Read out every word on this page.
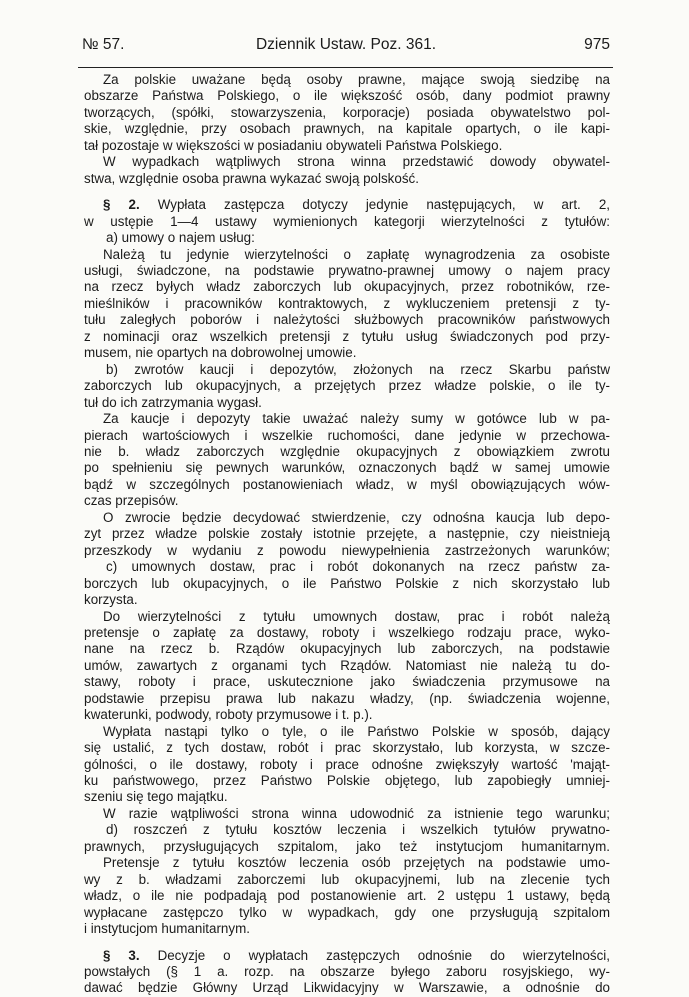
№ 57.	Dziennik Ustaw. Poz. 361.	975

Za polskie uważane będą osoby prawne, mające swoją siedzibę na

obszarze Państwa Polskiego, o ile większość osób, dany podmiot prawny

tworzących, (spółki, stowarzyszenia, korporacje) posiada obywatelstwo pol-

skie, względnie, przy osobach prawnych, na kapitale opartych, o ile kapi-

tał pozostaje w większości w posiadaniu obywateli Państwa Polskiego.

W wypadkach wątpliwych strona winna przedstawić dowody obywatel-

stwa, względnie osoba prawna wykazać swoją polskość.

§ 2. Wypłata zastępcza dotyczy jedynie następujących, w art. 2,

w ustępie 1—4 ustawy wymienionych kategorji wierzytelności z tytułów:

a) umowy o najem usług:

Należą tu jedynie wierzytelności o zapłatę wynagrodzenia za osobiste

usługi, świadczone, na podstawie prywatno-prawnej umowy o najem pracy

na rzecz byłych władz zaborczych lub okupacyjnych, przez robotników, rze-

mieślników i pracowników kontraktowych, z wykluczeniem pretensji z ty-

tułu zaległych poborów i należytości służbowych pracowników państwowych

z nominacji oraz wszelkich pretensji z tytułu usług świadczonych pod przy-

musem, nie opartych na dobrowolnej umowie.

b) zwrotów kaucji i depozytów, złożonych na rzecz Skarbu państw

zaborczych lub okupacyjnych, a przejętych przez władze polskie, o ile ty-

tuł do ich zatrzymania wygasł.

Za kaucje i depozyty takie uważać należy sumy w gotówce lub w pa-

pierach wartościowych i wszelkie ruchomości, dane jedynie w przechowa-

nie b. władz zaborczych względnie okupacyjnych z obowiązkiem zwrotu

po spełnieniu się pewnych warunków, oznaczonych bądź w samej umowie

bądź w szczególnych postanowieniach władz, w myśl obowiązujących wów-

czas przepisów.

O zwrocie będzie decydować stwierdzenie, czy odnośna kaucja lub depo-

zyt przez władze polskie zostały istotnie przejęte, a następnie, czy nieistnieją

przeszkody w wydaniu z powodu niewypełnienia zastrzeżonych warunków;

c) umownych dostaw, prac i robót dokonanych na rzecz państw za-

borczych lub okupacyjnych, o ile Państwo Polskie z nich skorzystało lub

korzysta.

Do wierzytelności z tytułu umownych dostaw, prac i robót należą

pretensje o zapłatę za dostawy, roboty i wszelkiego rodzaju prace, wyko-

nane na rzecz b. Rządów okupacyjnych lub zaborczych, na podstawie

umów, zawartych z organami tych Rządów. Natomiast nie należą tu do-

stawy, roboty i prace, uskutecznione jako świadczenia przymusowe na

podstawie przepisu prawa lub nakazu władzy, (np. świadczenia wojenne,

kwaterunki, podwody, roboty przymusowe i t. p.).

Wypłata nastąpi tylko o tyle, o ile Państwo Polskie w sposób, dający

się ustalić, z tych dostaw, robót i prac skorzystało, lub korzysta, w szcze-

gólności, o ile dostawy, roboty i prace odnośne zwiększyły wartość 'mająt-

ku państwowego, przez Państwo Polskie objętego, lub zapobiegły umniej-

szeniu się tego majątku.

W razie wątpliwości strona winna udowodnić za istnienie tego warunku;

d) roszczeń z tytułu kosztów leczenia i wszelkich tytułów prywatno-

prawnych, przysługujących szpitalom, jako też instytucjom humanitarnym.

Pretensje z tytułu kosztów leczenia osób przejętych na podstawie umo-

wy z b. władzami zaborczemi lub okupacyjnemi, lub na zlecenie tych

władz, o ile nie podpadają pod postanowienie art. 2 ustępu 1 ustawy, będą

wypłacane zastępczo tylko w wypadkach, gdy one przysługują szpitalom

i instytucjom humanitarnym.

§ 3. Decyzje o wypłatach zastępczych odnośnie do wierzytelności,

powstałych (§ 1 a. rozp. na obszarze byłego zaboru rosyjskiego, wy-

dawać będzie Główny Urząd Likwidacyjny w Warszawie, a odnośnie do
